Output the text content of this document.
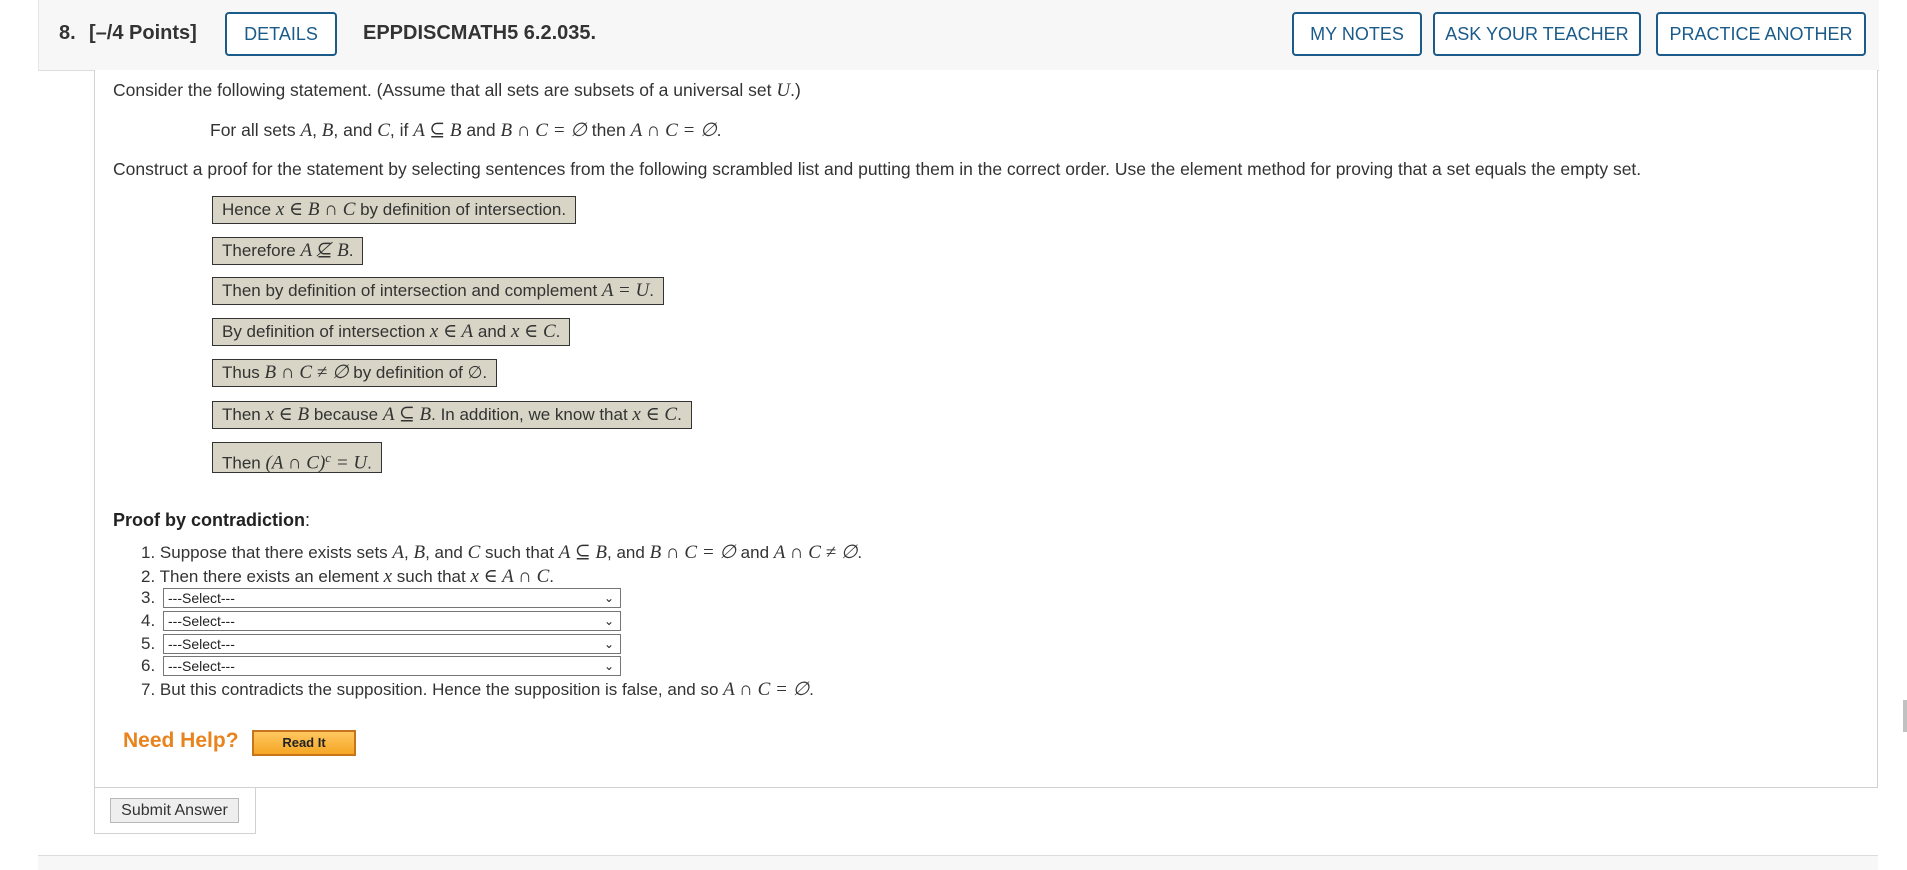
8. [–/4 Points]	DETAILS	EPPDISCMATH5 6.2.035.	MY NOTES	ASK YOUR TEACHER	PRACTICE ANOTHER
Consider the following statement. (Assume that all sets are subsets of a universal set U.)
For all sets A, B, and C, if A ⊆ B and B ∩ C = ∅ then A ∩ C = ∅.
Construct a proof for the statement by selecting sentences from the following scrambled list and putting them in the correct order. Use the element method for proving that a set equals the empty set.
Hence x ∈ B ∩ C by definition of intersection.
Therefore A ⊈ B.
Then by definition of intersection and complement A = U.
By definition of intersection x ∈ A and x ∈ C.
Thus B ∩ C ≠ ∅ by definition of ∅.
Then x ∈ B because A ⊆ B. In addition, we know that x ∈ C.
Then (A ∩ C)$^c$ = U.
Proof by contradiction:
1. Suppose that there exists sets A, B, and C such that A ⊆ B, and B ∩ C = ∅ and A ∩ C ≠ ∅.
2. Then there exists an element x such that x ∈ A ∩ C.
3. ---Select---	⌄
4. ---Select---	⌄
5. ---Select---	⌄
6. ---Select---	⌄
7. But this contradicts the supposition. Hence the supposition is false, and so A ∩ C = ∅.
Need Help?	Read It
Submit Answer
